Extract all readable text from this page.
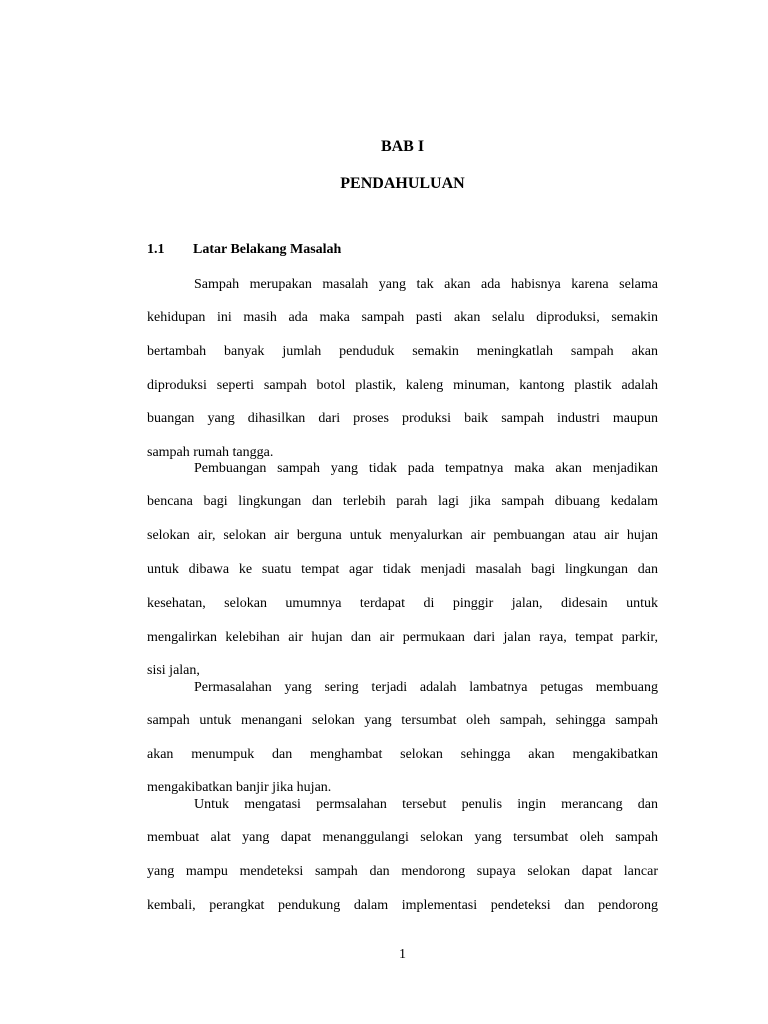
BAB I
PENDAHULUAN
1.1 Latar Belakang Masalah
Sampah merupakan masalah yang tak akan ada habisnya karena selama
kehidupan ini masih ada maka sampah pasti akan selalu diproduksi, semakin
bertambah banyak jumlah penduduk semakin meningkatlah sampah akan
diproduksi seperti sampah botol plastik, kaleng minuman, kantong plastik adalah
buangan yang dihasilkan dari proses produksi baik sampah industri maupun
sampah rumah tangga.
Pembuangan sampah yang tidak pada tempatnya maka akan menjadikan
bencana bagi lingkungan dan terlebih parah lagi jika sampah dibuang kedalam
selokan air, selokan air berguna untuk menyalurkan air pembuangan atau air hujan
untuk dibawa ke suatu tempat agar tidak menjadi masalah bagi lingkungan dan
kesehatan, selokan umumnya terdapat di pinggir jalan, didesain untuk
mengalirkan kelebihan air hujan dan air permukaan dari jalan raya, tempat parkir,
sisi jalan,
Permasalahan yang sering terjadi adalah lambatnya petugas membuang
sampah untuk menangani selokan yang tersumbat oleh sampah, sehingga sampah
akan menumpuk dan menghambat selokan sehingga akan mengakibatkan
mengakibatkan banjir jika hujan.
Untuk mengatasi permsalahan tersebut penulis ingin merancang dan
membuat alat yang dapat menanggulangi selokan yang tersumbat oleh sampah
yang mampu mendeteksi sampah dan mendorong supaya selokan dapat lancar
kembali, perangkat pendukung dalam implementasi pendeteksi dan pendorong
1
